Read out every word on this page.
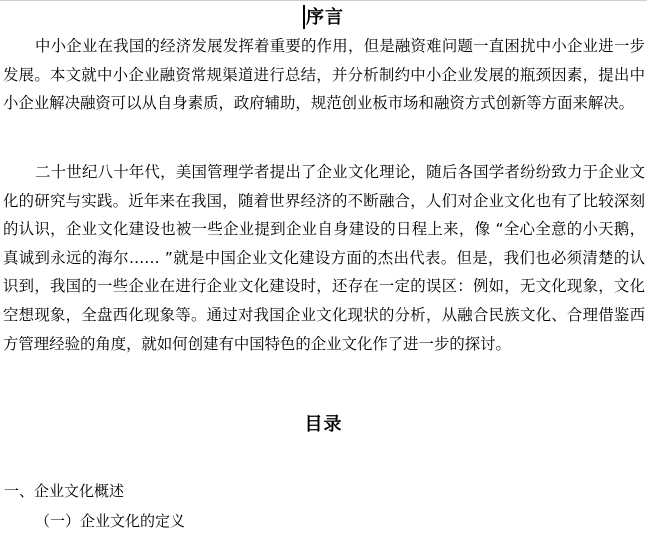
序言

中小企业在我国的经济发展发挥着重要的作用，但是融资难问题一直困扰中小企业进一步发展。本文就中小企业融资常规渠道进行总结，并分析制约中小企业发展的瓶颈因素，提出中小企业解决融资可以从自身素质，政府辅助，规范创业板市场和融资方式创新等方面来解决。

二十世纪八十年代，美国管理学者提出了企业文化理论，随后各国学者纷纷致力于企业文化的研究与实践。近年来在我国，随着世界经济的不断融合，人们对企业文化也有了比较深刻的认识，企业文化建设也被一些企业提到企业自身建设的日程上来，像 “全心全意的小天鹅，真诚到永远的海尔…… ”就是中国企业文化建设方面的杰出代表。但是，我们也必须清楚的认识到，我国的一些企业在进行企业文化建设时，还存在一定的误区：例如，无文化现象，文化空想现象，全盘西化现象等。通过对我国企业文化现状的分析，从融合民族文化、合理借鉴西方管理经验的角度，就如何创建有中国特色的企业文化作了进一步的探讨。

目录
一、企业文化概述
（一）企业文化的定义
